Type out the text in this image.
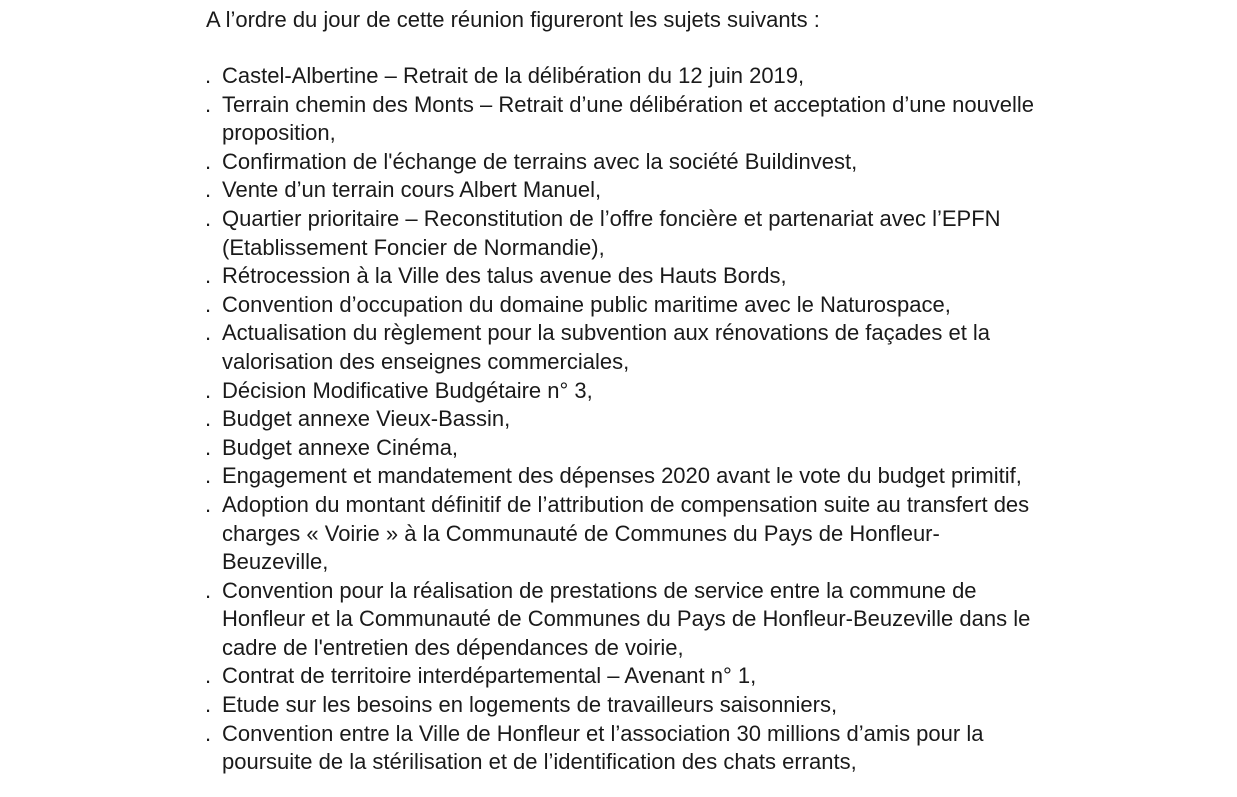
A l’ordre du jour de cette réunion figureront les sujets suivants :
. Castel-Albertine – Retrait de la délibération du 12 juin 2019,
. Terrain chemin des Monts – Retrait d’une délibération et acceptation d’une nouvelle
proposition,
. Confirmation de l'échange de terrains avec la société Buildinvest,
. Vente d’un terrain cours Albert Manuel,
. Quartier prioritaire – Reconstitution de l’offre foncière et partenariat avec l’EPFN
(Etablissement Foncier de Normandie),
. Rétrocession à la Ville des talus avenue des Hauts Bords,
. Convention d’occupation du domaine public maritime avec le Naturospace,
. Actualisation du règlement pour la subvention aux rénovations de façades et la
valorisation des enseignes commerciales,
. Décision Modificative Budgétaire n° 3,
. Budget annexe Vieux-Bassin,
. Budget annexe Cinéma,
. Engagement et mandatement des dépenses 2020 avant le vote du budget primitif,
. Adoption du montant définitif de l’attribution de compensation suite au transfert des
charges « Voirie » à la Communauté de Communes du Pays de Honfleur-
Beuzeville,
. Convention pour la réalisation de prestations de service entre la commune de
Honfleur et la Communauté de Communes du Pays de Honfleur-Beuzeville dans le
cadre de l'entretien des dépendances de voirie,
. Contrat de territoire interdépartemental – Avenant n° 1,
. Etude sur les besoins en logements de travailleurs saisonniers,
. Convention entre la Ville de Honfleur et l’association 30 millions d’amis pour la
poursuite de la stérilisation et de l’identification des chats errants,
